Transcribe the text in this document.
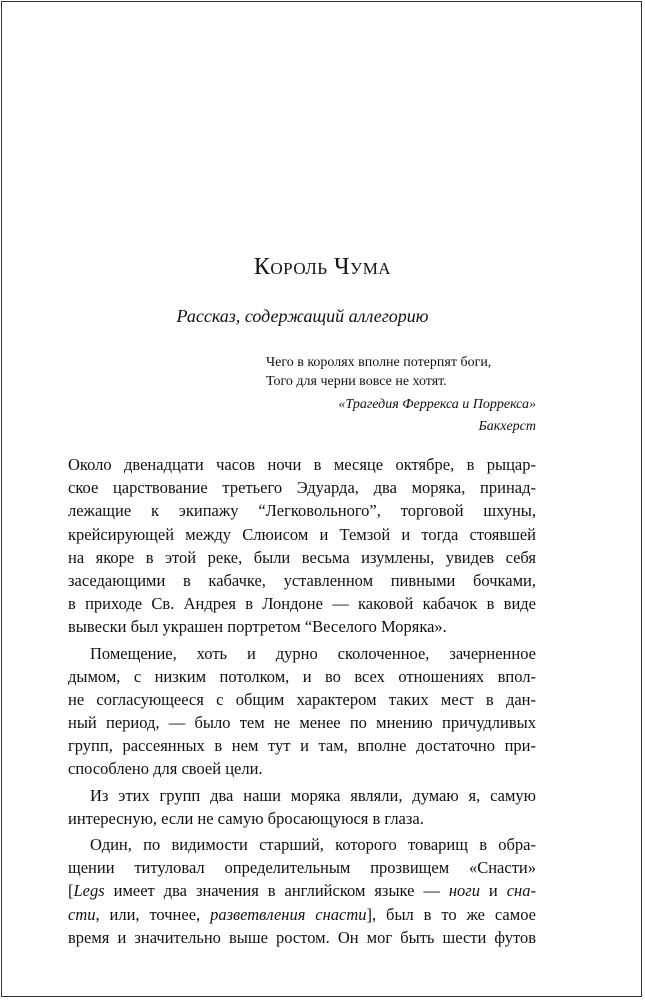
Король Чума
Рассказ, содержащий аллегорию
Чего в королях вполне потерпят боги,
Того для черни вовсе не хотят.
«Трагедия Феррекса и Поррекса»
Бакхерст
Около двенадцати часов ночи в месяце октябре, в рыцар-
ское царствование третьего Эдуарда, два моряка, принад-
лежащие к экипажу “Легковольного”, торговой шхуны,
крейсирующей между Слюисом и Темзой и тогда стоявшей
на якоре в этой реке, были весьма изумлены, увидев себя
заседающими в кабачке, уставленном пивными бочками,
в приходе Св. Андрея в Лондоне — каковой кабачок в виде
вывески был украшен портретом “Веселого Моряка».
Помещение, хоть и дурно сколоченное, зачерненное
дымом, с низким потолком, и во всех отношениях впол-
не согласующееся с общим характером таких мест в дан-
ный период, — было тем не менее по мнению причудливых
групп, рассеянных в нем тут и там, вполне достаточно при-
способлено для своей цели.
Из этих групп два наши моряка являли, думаю я, самую
интересную, если не самую бросающуюся в глаза.
Один, по видимости старший, которого товарищ в обра-
щении титуловал определительным прозвищем «Снасти»
[Legs имеет два значения в английском языке — ноги и сна-
сти, или, точнее, разветвления снасти], был в то же самое
время и значительно выше ростом. Он мог быть шести футов
